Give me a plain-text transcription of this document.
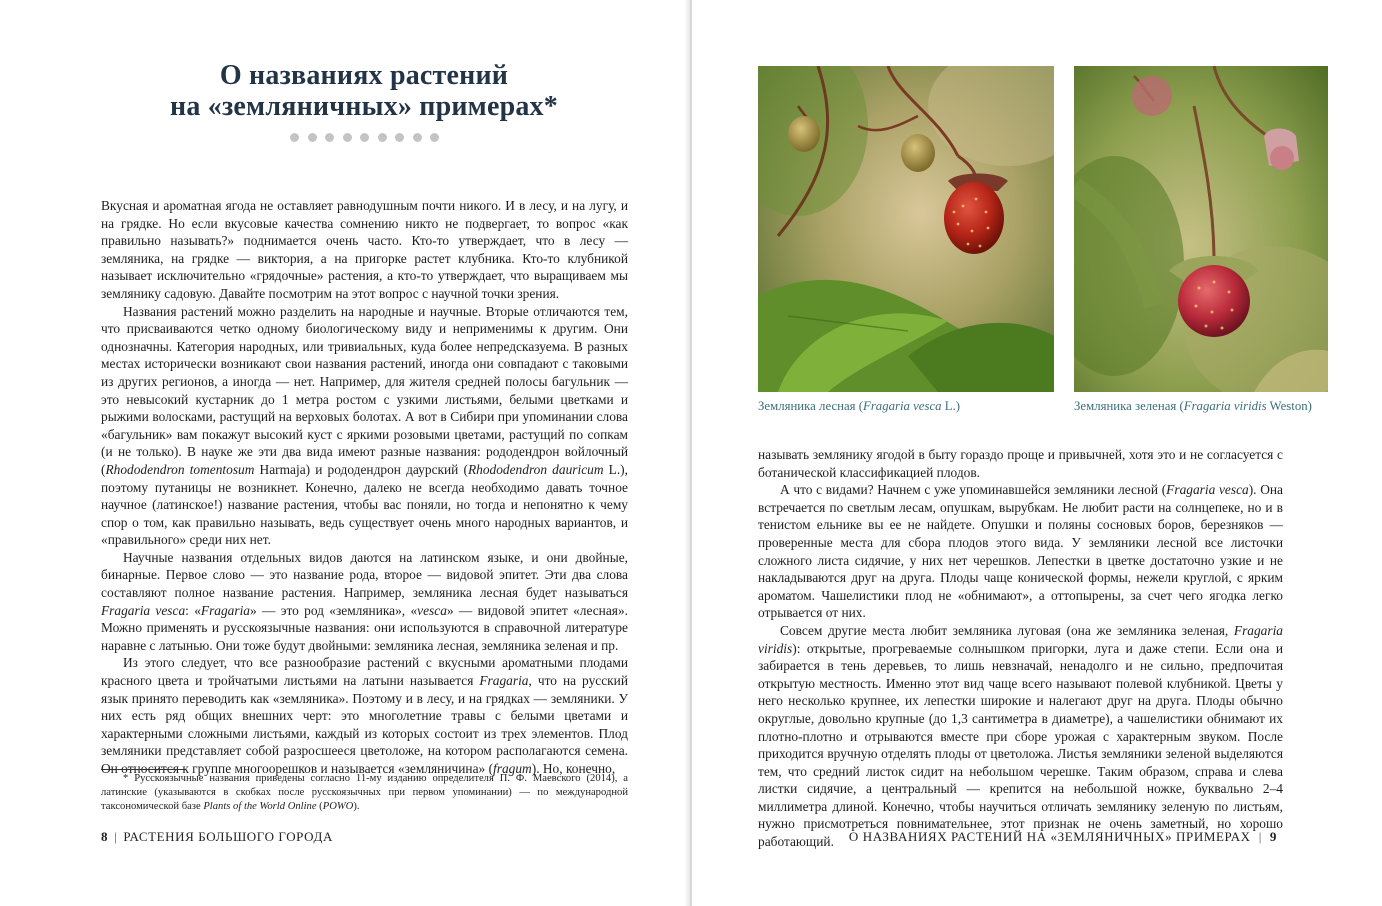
О названиях растений
на «земляничных» примерах*

Вкусная и ароматная ягода не оставляет равнодушным почти никого. И в лесу, и на лугу, и на грядке. Но если вкусовые качества сомнению никто не подвергает, то вопрос «как правильно называть?» поднимается очень часто. Кто-то утверждает, что в лесу — земляника, на грядке — виктория, а на пригорке растет клубника. Кто-то клубникой называет исключительно «грядочные» растения, а кто-то утверждает, что выращиваем мы землянику садовую. Давайте посмотрим на этот вопрос с научной точки зрения.

Названия растений можно разделить на народные и научные. Вторые отличаются тем, что присваиваются четко одному биологическому виду и неприменимы к другим. Они однозначны. Категория народных, или тривиальных, куда более непредсказуема. В разных местах исторически возникают свои названия растений, иногда они совпадают с таковыми из других регионов, а иногда — нет. Например, для жителя средней полосы багульник — это невысокий кустарник до 1 метра ростом с узкими листьями, белыми цветками и рыжими волосками, растущий на верховых болотах. А вот в Сибири при упоминании слова «багульник» вам покажут высокий куст с яркими розовыми цветами, растущий по сопкам (и не только). В науке же эти два вида имеют разные названия: рододендрон войлочный (Rhododendron tomentosum Harmaja) и рододендрон даурский (Rhododendron dauricum L.), поэтому путаницы не возникнет. Конечно, далеко не всегда необходимо давать точное научное (латинское!) название растения, чтобы вас поняли, но тогда и непонятно к чему спор о том, как правильно называть, ведь существует очень много народных вариантов, и «правильного» среди них нет.

Научные названия отдельных видов даются на латинском языке, и они двойные, бинарные. Первое слово — это название рода, второе — видовой эпитет. Эти два слова составляют полное название растения. Например, земляника лесная будет называться Fragaria vesca: «Fragaria» — это род «земляника», «vesca» — видовой эпитет «лесная». Можно применять и русскоязычные названия: они используются в справочной литературе наравне с латынью. Они тоже будут двойными: земляника лесная, земляника зеленая и пр.

Из этого следует, что все разнообразие растений с вкусными ароматными плодами красного цвета и тройчатыми листьями на латыни называется Fragaria, что на русский язык принято переводить как «земляника». Поэтому и в лесу, и на грядках — земляники. У них есть ряд общих внешних черт: это многолетние травы с белыми цветами и характерными сложными листьями, каждый из которых состоит из трех элементов. Плод земляники представляет собой разросшееся цветоложе, на котором располагаются семена. Он относится к группе многоорешков и называется «земляничина» (fragum). Но, конечно,

* Русскоязычные названия приведены согласно 11-му изданию определителя П. Ф. Маевского (2014), а латинские (указываются в скобках после русскоязычных при первом упоминании) — по международной таксономической базе Plants of the World Online (POWO).

8 | РАСТЕНИЯ БОЛЬШОГО ГОРОДА
Земляника лесная (Fragaria vesca L.)	Земляника зеленая (Fragaria viridis Weston)

называть землянику ягодой в быту гораздо проще и привычней, хотя это и не согласуется с ботанической классификацией плодов.

А что с видами? Начнем с уже упоминавшейся земляники лесной (Fragaria vesca). Она встречается по светлым лесам, опушкам, вырубкам. Не любит расти на солнцепеке, но и в тенистом ельнике вы ее не найдете. Опушки и поляны сосновых боров, березняков — проверенные места для сбора плодов этого вида. У земляники лесной все листочки сложного листа сидячие, у них нет черешков. Лепестки в цветке достаточно узкие и не накладываются друг на друга. Плоды чаще конической формы, нежели круглой, с ярким ароматом. Чашелистики плод не «обнимают», а оттопырены, за счет чего ягодка легко отрывается от них.

Совсем другие места любит земляника луговая (она же земляника зеленая, Fragaria viridis): открытые, прогреваемые солнышком пригорки, луга и даже степи. Если она и забирается в тень деревьев, то лишь невзначай, ненадолго и не сильно, предпочитая открытую местность. Именно этот вид чаще всего называют полевой клубникой. Цветы у него несколько крупнее, их лепестки широкие и налегают друг на друга. Плоды обычно округлые, довольно крупные (до 1,3 сантиметра в диаметре), а чашелистики обнимают их плотно-плотно и отрываются вместе при сборе урожая с характерным звуком. После приходится вручную отделять плоды от цветоложа. Листья земляники зеленой выделяются тем, что средний листок сидит на небольшом черешке. Таким образом, справа и слева листки сидячие, а центральный — крепится на небольшой ножке, буквально 2–4 миллиметра длиной. Конечно, чтобы научиться отличать землянику зеленую по листьям, нужно присмотреться повнимательнее, этот признак не очень заметный, но хорошо работающий.	О НАЗВАНИЯХ РАСТЕНИЙ НА «ЗЕМЛЯНИЧНЫХ» ПРИМЕРАХ | 9
